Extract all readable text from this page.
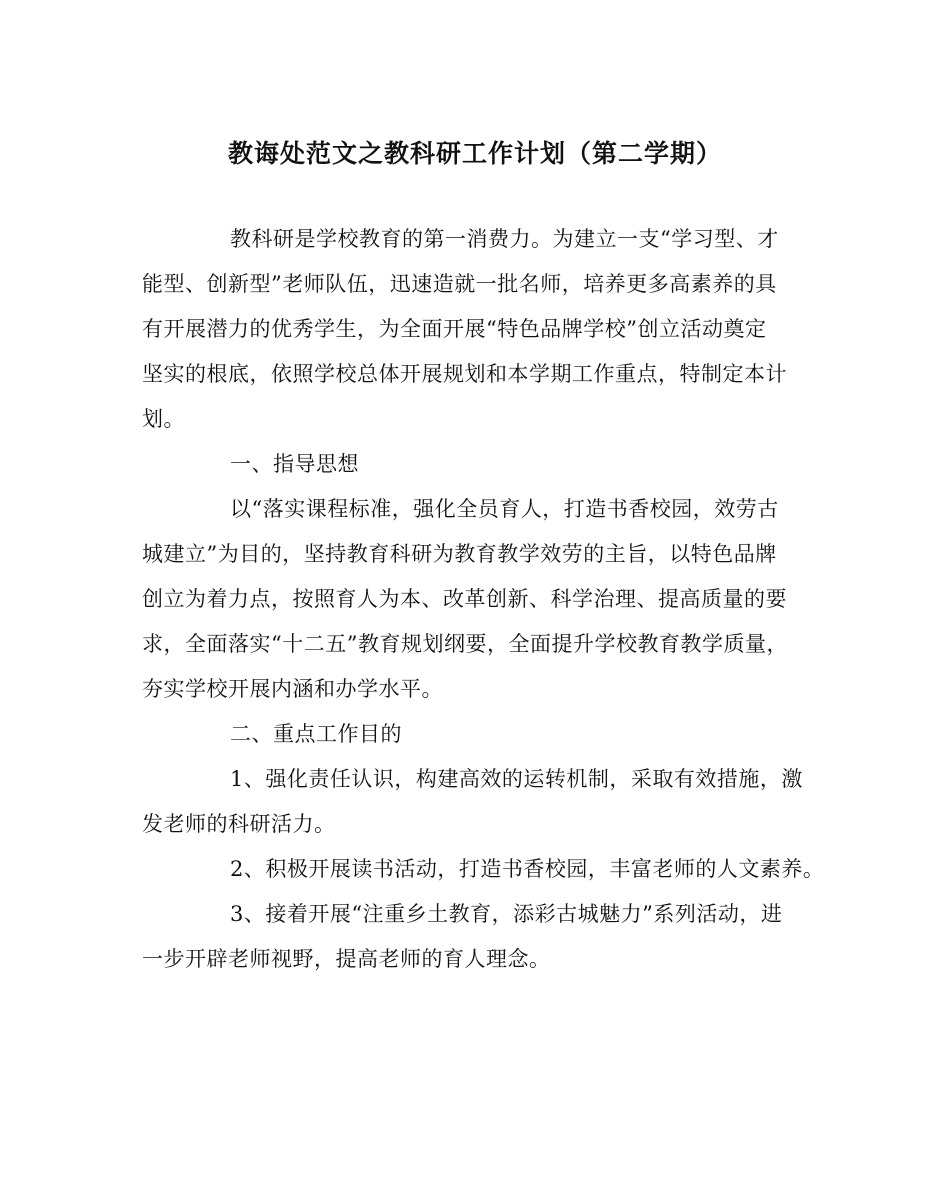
教诲处范文之教科研工作计划（第二学期）
教科研是学校教育的第一消费力。为建立一支“学习型、才
能型、创新型”老师队伍，迅速造就一批名师，培养更多高素养的具
有开展潜力的优秀学生，为全面开展“特色品牌学校”创立活动奠定
坚实的根底，依照学校总体开展规划和本学期工作重点，特制定本计
划。
一、指导思想
以“落实课程标准，强化全员育人，打造书香校园，效劳古
城建立”为目的，坚持教育科研为教育教学效劳的主旨，以特色品牌
创立为着力点，按照育人为本、改革创新、科学治理、提高质量的要
求，全面落实“十二五”教育规划纲要，全面提升学校教育教学质量，
夯实学校开展内涵和办学水平。
二、重点工作目的
1、强化责任认识，构建高效的运转机制，采取有效措施，激
发老师的科研活力。
2、积极开展读书活动，打造书香校园，丰富老师的人文素养。
3、接着开展“注重乡土教育，添彩古城魅力”系列活动，进
一步开辟老师视野，提高老师的育人理念。
